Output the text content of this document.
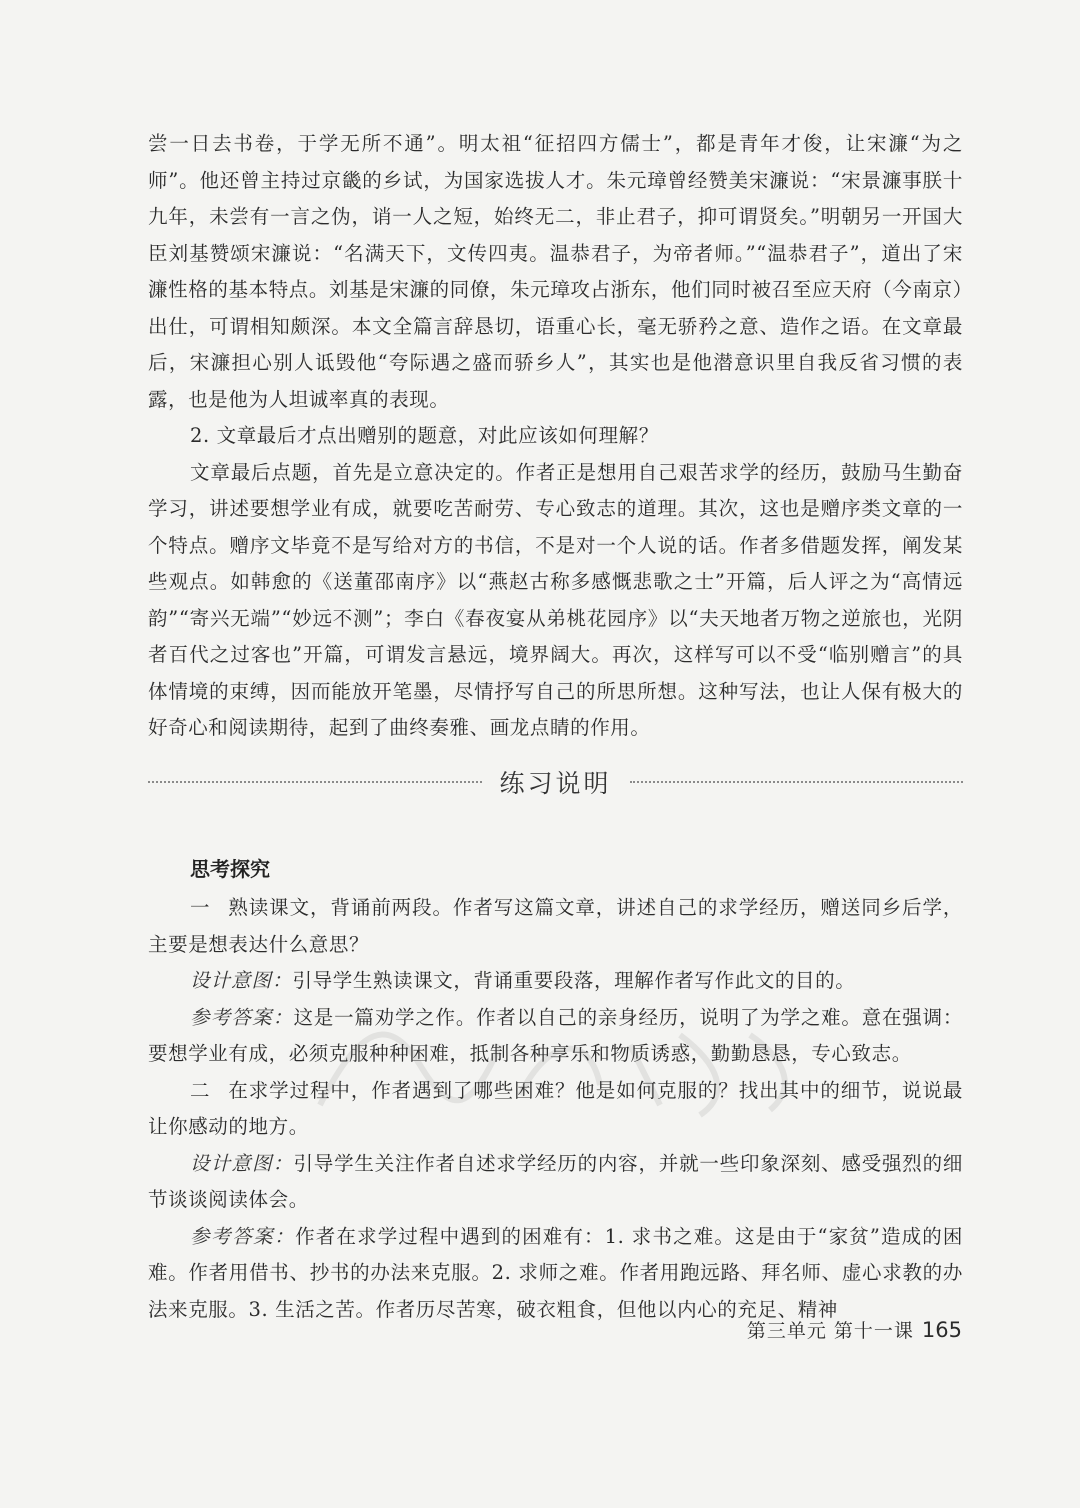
尝一日去书卷，于学无所不通”。明太祖“征招四方儒士”，都是青年才俊，让宋濂“为之师”。他还曾主持过京畿的乡试，为国家选拔人才。朱元璋曾经赞美宋濂说：“宋景濂事朕十九年，未尝有一言之伪，诮一人之短，始终无二，非止君子，抑可谓贤矣。”明朝另一开国大臣刘基赞颂宋濂说：“名满天下，文传四夷。温恭君子，为帝者师。”“温恭君子”，道出了宋濂性格的基本特点。刘基是宋濂的同僚，朱元璋攻占浙东，他们同时被召至应天府（今南京）出仕，可谓相知颇深。本文全篇言辞恳切，语重心长，毫无骄矜之意、造作之语。在文章最后，宋濂担心别人诋毁他“夸际遇之盛而骄乡人”，其实也是他潜意识里自我反省习惯的表露，也是他为人坦诚率真的表现。

2. 文章最后才点出赠别的题意，对此应该如何理解？

文章最后点题，首先是立意决定的。作者正是想用自己艰苦求学的经历，鼓励马生勤奋学习，讲述要想学业有成，就要吃苦耐劳、专心致志的道理。其次，这也是赠序类文章的一个特点。赠序文毕竟不是写给对方的书信，不是对一个人说的话。作者多借题发挥，阐发某些观点。如韩愈的《送董邵南序》以“燕赵古称多感慨悲歌之士”开篇，后人评之为“高情远韵”“寄兴无端”“妙远不测”；李白《春夜宴从弟桃花园序》以“夫天地者万物之逆旅也，光阴者百代之过客也”开篇，可谓发言悬远，境界阔大。再次，这样写可以不受“临别赠言”的具体情境的束缚，因而能放开笔墨，尽情抒写自己的所思所想。这种写法，也让人保有极大的好奇心和阅读期待，起到了曲终奏雅、画龙点睛的作用。

练习说明

思考探究

一 熟读课文，背诵前两段。作者写这篇文章，讲述自己的求学经历，赠送同乡后学，主要是想表达什么意思？

设计意图：引导学生熟读课文，背诵重要段落，理解作者写作此文的目的。

参考答案：这是一篇劝学之作。作者以自己的亲身经历，说明了为学之难。意在强调：要想学业有成，必须克服种种困难，抵制各种享乐和物质诱惑，勤勤恳恳，专心致志。

二 在求学过程中，作者遇到了哪些困难？他是如何克服的？找出其中的细节，说说最让你感动的地方。

设计意图：引导学生关注作者自述求学经历的内容，并就一些印象深刻、感受强烈的细节谈谈阅读体会。

参考答案：作者在求学过程中遇到的困难有：1. 求书之难。这是由于“家贫”造成的困难。作者用借书、抄书的办法来克服。2. 求师之难。作者用跑远路、拜名师、虚心求教的办法来克服。3. 生活之苦。作者历尽苦寒，破衣粗食，但他以内心的充足、精神

第三单元 第十一课 165
